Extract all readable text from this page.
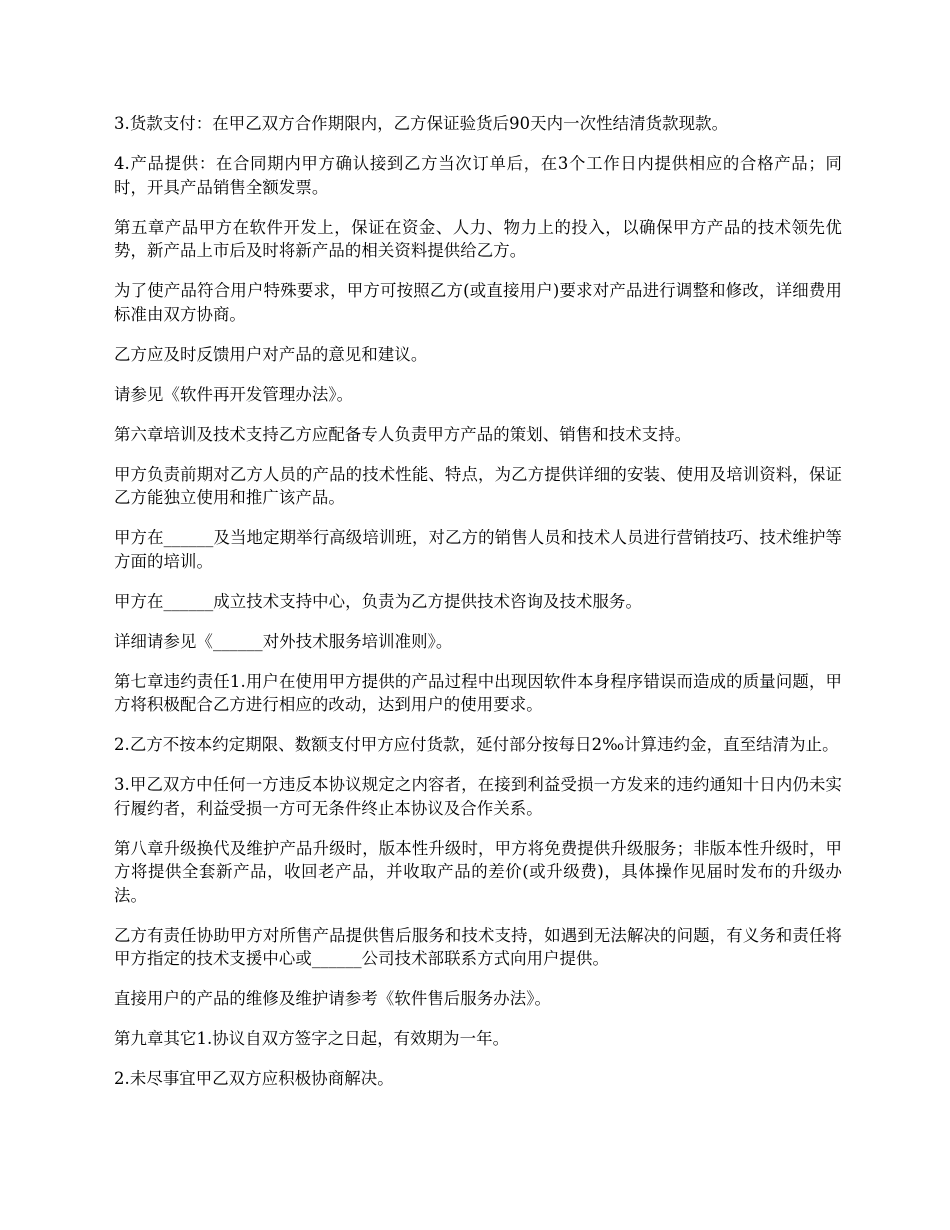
3.货款支付：在甲乙双方合作期限内，乙方保证验货后90天内一次性结清货款现款。

4.产品提供：在合同期内甲方确认接到乙方当次订单后，在3个工作日内提供相应的合格产品；同时，开具产品销售全额发票。

第五章产品甲方在软件开发上，保证在资金、人力、物力上的投入，以确保甲方产品的技术领先优势，新产品上市后及时将新产品的相关资料提供给乙方。

为了使产品符合用户特殊要求，甲方可按照乙方(或直接用户)要求对产品进行调整和修改，详细费用标准由双方协商。

乙方应及时反馈用户对产品的意见和建议。

请参见《软件再开发管理办法》。

第六章培训及技术支持乙方应配备专人负责甲方产品的策划、销售和技术支持。

甲方负责前期对乙方人员的产品的技术性能、特点，为乙方提供详细的安装、使用及培训资料，保证乙方能独立使用和推广该产品。

甲方在______及当地定期举行高级培训班，对乙方的销售人员和技术人员进行营销技巧、技术维护等方面的培训。

甲方在______成立技术支持中心，负责为乙方提供技术咨询及技术服务。

详细请参见《______对外技术服务培训准则》。

第七章违约责任1.用户在使用甲方提供的产品过程中出现因软件本身程序错误而造成的质量问题，甲方将积极配合乙方进行相应的改动，达到用户的使用要求。

2.乙方不按本约定期限、数额支付甲方应付货款，延付部分按每日2‰计算违约金，直至结清为止。

3.甲乙双方中任何一方违反本协议规定之内容者，在接到利益受损一方发来的违约通知十日内仍未实行履约者，利益受损一方可无条件终止本协议及合作关系。

第八章升级换代及维护产品升级时，版本性升级时，甲方将免费提供升级服务；非版本性升级时，甲方将提供全套新产品，收回老产品，并收取产品的差价(或升级费)，具体操作见届时发布的升级办法。

乙方有责任协助甲方对所售产品提供售后服务和技术支持，如遇到无法解决的问题，有义务和责任将甲方指定的技术支援中心或______公司技术部联系方式向用户提供。

直接用户的产品的维修及维护请参考《软件售后服务办法》。

第九章其它1.协议自双方签字之日起，有效期为一年。

2.未尽事宜甲乙双方应积极协商解决。
